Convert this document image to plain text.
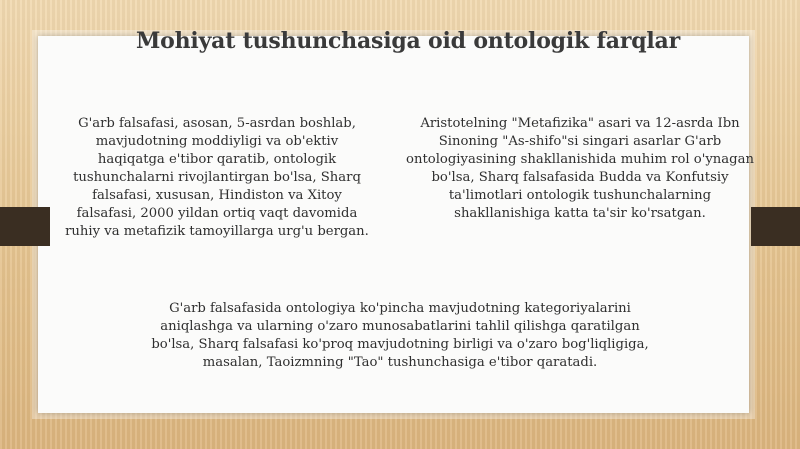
Mohiyat tushunchasiga oid ontologik farqlar
G'arb falsafasi, asosan, 5-asrdan boshlab, mavjudotning moddiyligi va ob'ektiv haqiqatga e'tibor qaratib, ontologik tushunchalarni rivojlantirgan bo'lsa, Sharq falsafasi, xususan, Hindiston va Xitoy falsafasi, 2000 yildan ortiq vaqt davomida ruhiy va metafizik tamoyillarga urg'u bergan.
Aristotelning "Metafizika" asari va 12-asrda Ibn Sinoning "As-shifo"si singari asarlar G'arb ontologiyasining shakllanishida muhim rol o'ynagan bo'lsa, Sharq falsafasida Budda va Konfutsiy ta'limotlari ontologik tushunchalarning shakllanishiga katta ta'sir ko'rsatgan.
G'arb falsafasida ontologiya ko'pincha mavjudotning kategoriyalarini aniqlashga va ularning o'zaro munosabatlarini tahlil qilishga qaratilgan bo'lsa, Sharq falsafasi ko'proq mavjudotning birligi va o'zaro bog'liqligiga, masalan, Taoizmning "Tao" tushunchasiga e'tibor qaratadi.
